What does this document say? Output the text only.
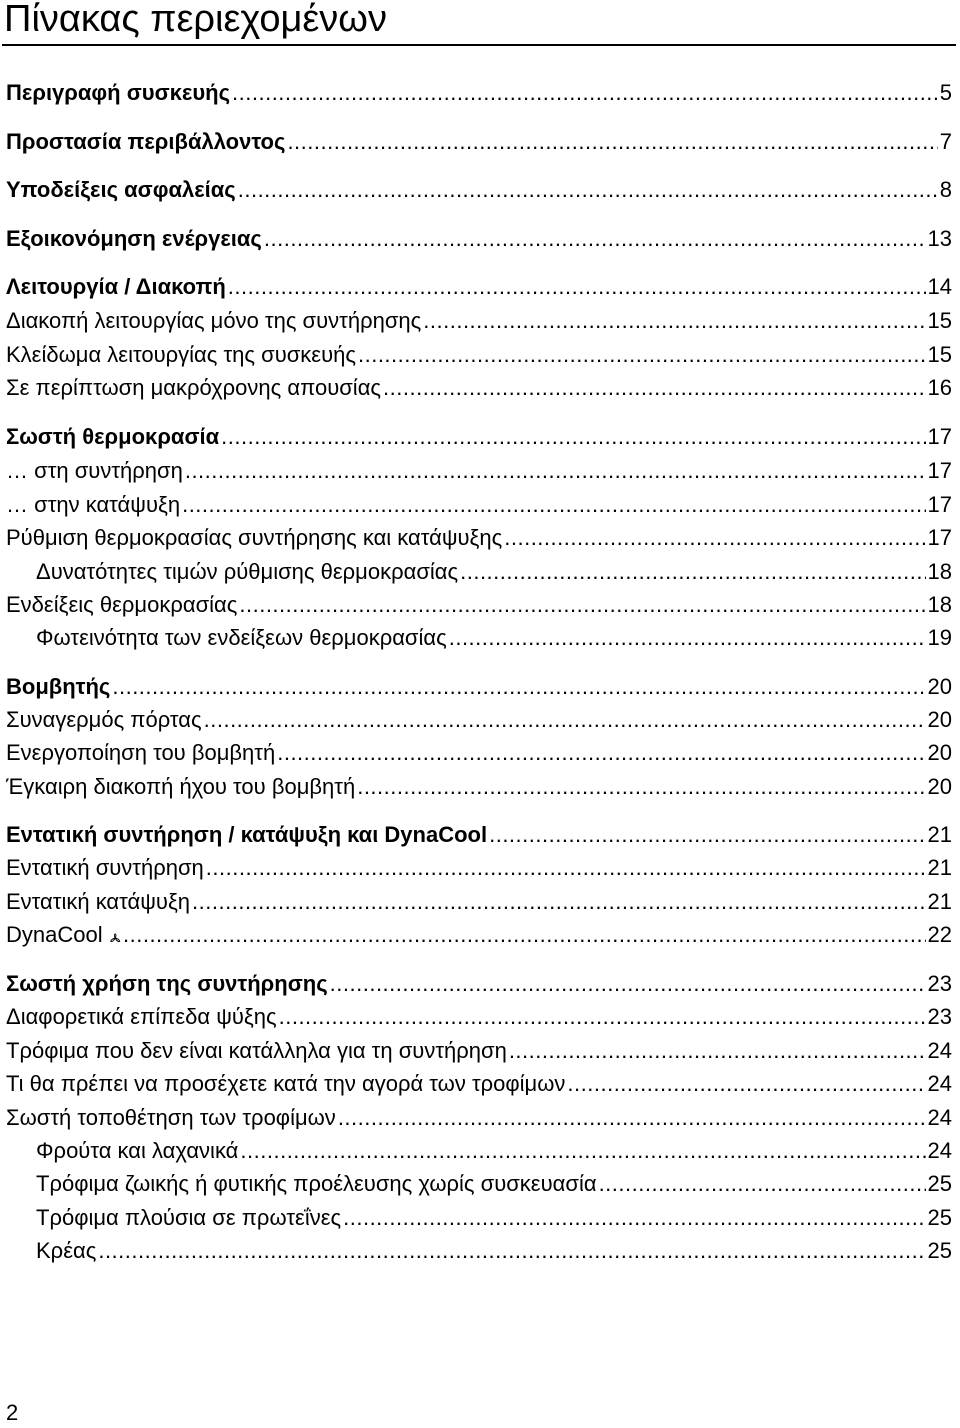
Πίνακας περιεχομένων
Περιγραφή συσκευής .....	5
Προστασία περιβάλλοντος .....	7
Υποδείξεις ασφαλείας .....	8
Εξοικονόμηση ενέργειας .....	13
Λειτουργία / Διακοπή .....	14
Διακοπή λειτουργίας μόνο της συντήρησης .....	15
Κλείδωμα λειτουργίας της συσκευής .....	15
Σε περίπτωση μακρόχρονης απουσίας .....	16
Σωστή θερμοκρασία .....	17
… στη συντήρηση .....	17
… στην κατάψυξη .....	17
Ρύθμιση θερμοκρασίας συντήρησης και κατάψυξης .....	17
Δυνατότητες τιμών ρύθμισης θερμοκρασίας .....	18
Ενδείξεις θερμοκρασίας .....	18
Φωτεινότητα των ενδείξεων θερμοκρασίας .....	19
Βομβητής .....	20
Συναγερμός πόρτας .....	20
Ενεργοποίηση του βομβητή .....	20
Έγκαιρη διακοπή ήχου του βομβητή .....	20
Εντατική συντήρηση / κατάψυξη και DynaCool .....	21
Εντατική συντήρηση .....	21
Εντατική κατάψυξη .....	21
DynaCool .....	22
Σωστή χρήση της συντήρησης .....	23
Διαφορετικά επίπεδα ψύξης .....	23
Τρόφιμα που δεν είναι κατάλληλα για τη συντήρηση .....	24
Τι θα πρέπει να προσέχετε κατά την αγορά των τροφίμων .....	24
Σωστή τοποθέτηση των τροφίμων .....	24
Φρούτα και λαχανικά .....	24
Τρόφιμα ζωικής ή φυτικής προέλευσης χωρίς συσκευασία .....	25
Τρόφιμα πλούσια σε πρωτεΐνες .....	25
Κρέας .....	25
2
